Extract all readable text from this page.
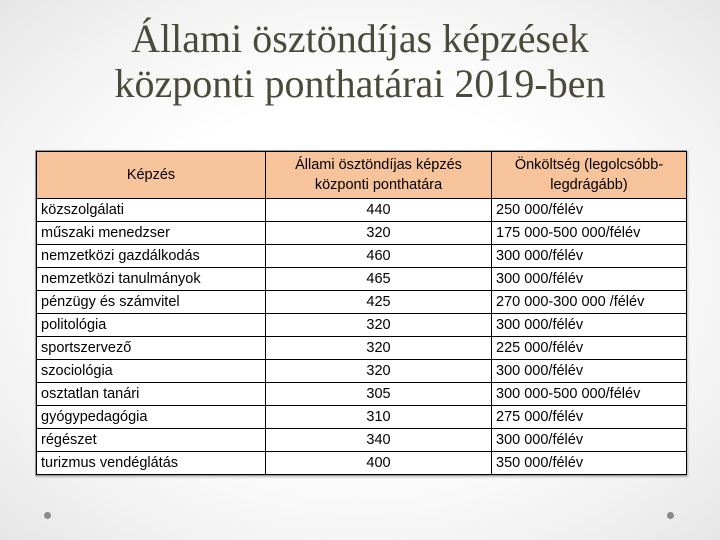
Állami ösztöndíjas képzések
központi ponthatárai 2019-ben
Képzés	Állami ösztöndíjas képzés központi ponthatára	Önköltség (legolcsóbb-legdrágább)
közszolgálati	440	250 000/félév
műszaki menedzser	320	175 000-500 000/félév
nemzetközi gazdálkodás	460	300 000/félév
nemzetközi tanulmányok	465	300 000/félév
pénzügy és számvitel	425	270 000-300 000 /félév
politológia	320	300 000/félév
sportszervező	320	225 000/félév
szociológia	320	300 000/félév
osztatlan tanári	305	300 000-500 000/félév
gyógypedagógia	310	275 000/félév
régészet	340	300 000/félév
turizmus vendéglátás	400	350 000/félév
